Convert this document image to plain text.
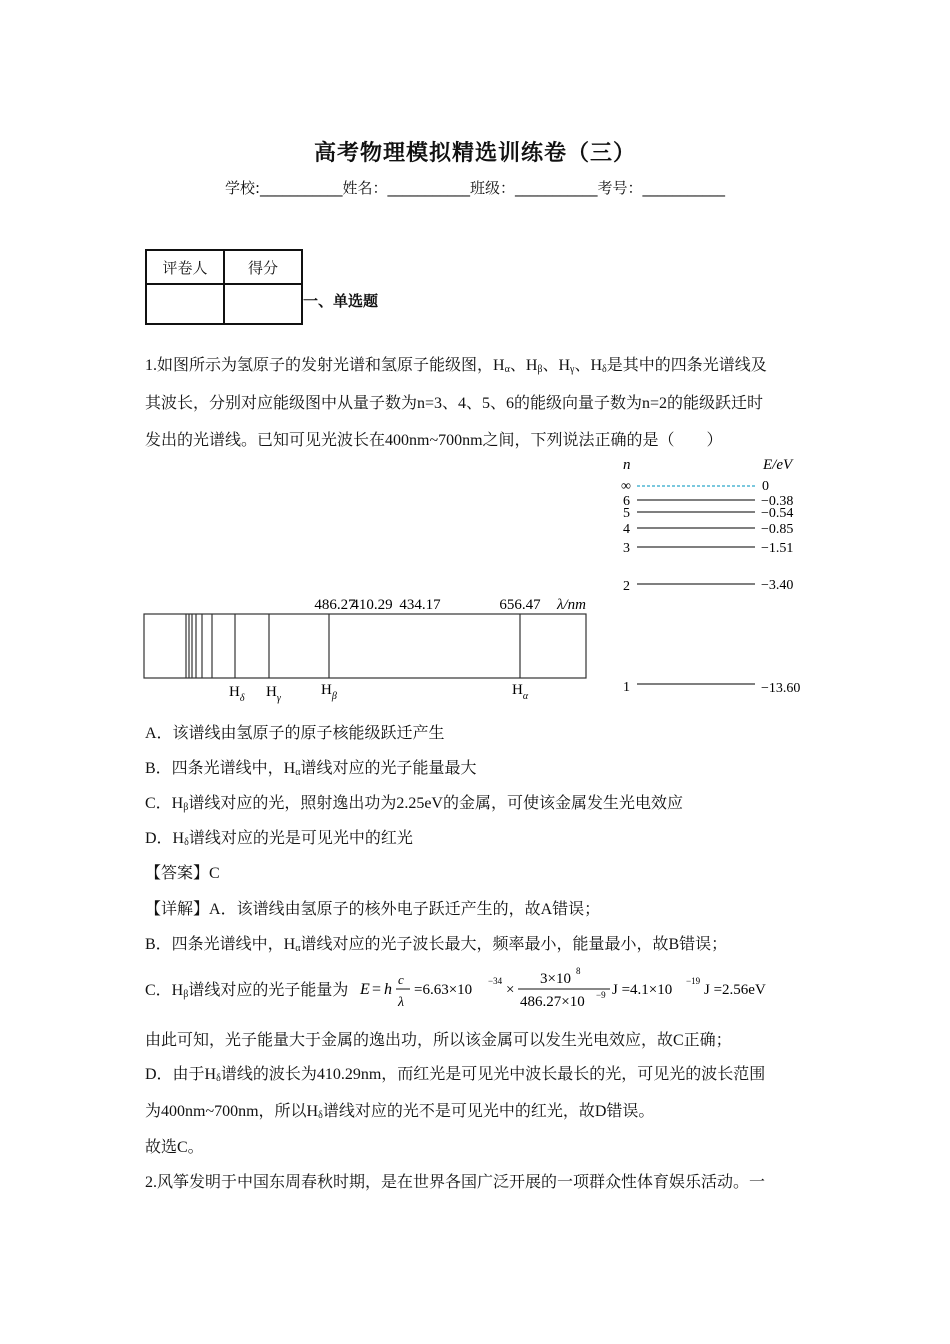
高考物理模拟精选训练卷（三）
学校:___________姓名：___________班级：___________考号：___________
评卷人	得分

一、单选题
1.如图所示为氢原子的发射光谱和氢原子能级图，$H_\alpha$、$H_\beta$、$H_\gamma$、$H_\delta$是其中的四条光谱线及
其波长，分别对应能级图中从量子数为n=3、4、5、6的能级向量子数为n=2的能级跃迁时
发出的光谱线。已知可见光波长在400nm~700nm之间，下列说法正确的是（　　）
410.29 434.17
486.27	656.47 λ/nm
$H_\delta$ $H_\gamma$
$H_\beta$	$H_\alpha$
n	E/eV
∞	0
6	−0.38
5	−0.54
4	−0.85
3	−1.51
2	−3.40
1	−13.60
A．该谱线由氢原子的原子核能级跃迁产生
B．四条光谱线中，$H_\alpha$谱线对应的光子能量最大
C．$H_\beta$谱线对应的光，照射逸出功为2.25eV的金属，可使该金属发生光电效应
D．$H_\delta$谱线对应的光是可见光中的红光
【答案】C
【详解】A．该谱线由氢原子的核外电子跃迁产生的，故A错误；
B．四条光谱线中，$H_\alpha$谱线对应的光子波长最大，频率最小，能量最小，故B错误；
C．$H_\beta$谱线对应的光子能量为 E = h
c
λ
=6.63×10
−34
×
3×10 8
486.27×10 −9 J =4.1×10
−19
J =2.56eV
由此可知，光子能量大于金属的逸出功，所以该金属可以发生光电效应，故C正确；
D．由于$H_\delta$谱线的波长为410.29nm，而红光是可见光中波长最长的光，可见光的波长范围
为400nm~700nm，所以$H_\delta$谱线对应的光不是可见光中的红光，故D错误。
故选C。
2.风筝发明于中国东周春秋时期，是在世界各国广泛开展的一项群众性体育娱乐活动。一
